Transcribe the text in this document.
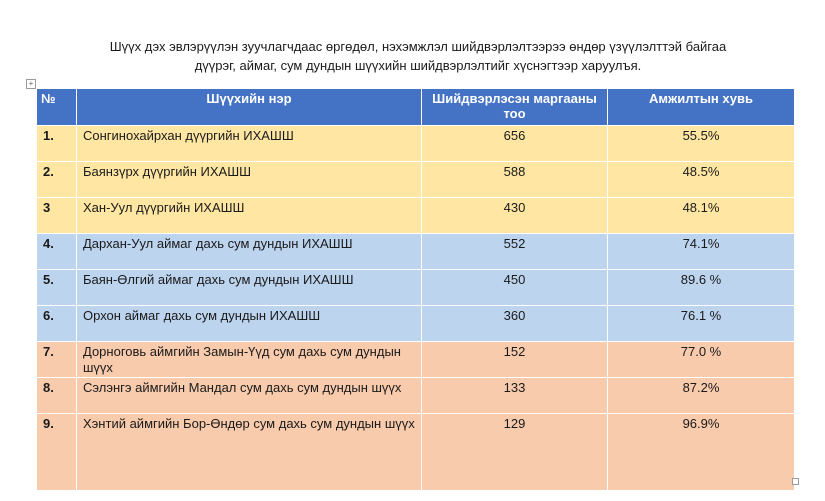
Шүүх дэх эвлэрүүлэн зуучлагчдаас өргөдөл, нэхэмжлэл шийдвэрлэлтээрээ өндөр үзүүлэлттэй байгаа
дүүрэг, аймаг, сум дундын шүүхийн шийдвэрлэлтийг хүснэгтээр харуулъя.
+
№	Шүүхийн нэр	Шийдвэрлэсэн маргааны тоо	Амжилтын хувь
1.	Сонгинохайрхан дүүргийн ИХАШШ	656	55.5%
2.	Баянзүрх дүүргийн ИХАШШ	588	48.5%
3	Хан-Уул дүүргийн ИХАШШ	430	48.1%
4.	Дархан-Уул аймаг дахь сум дундын ИХАШШ	552	74.1%
5.	Баян-Өлгий аймаг дахь сум дундын ИХАШШ	450	89.6 %
6.	Орхон аймаг дахь сум дундын ИХАШШ	360	76.1 %
7.	Дорноговь аймгийн Замын-Үүд сум дахь сум дундын шүүх	152	77.0 %
8.	Сэлэнгэ аймгийн Мандал сум дахь сум дундын шүүх	133	87.2%
9.	Хэнтий аймгийн Бор-Өндөр сум дахь сум дундын шүүх	129	96.9%
